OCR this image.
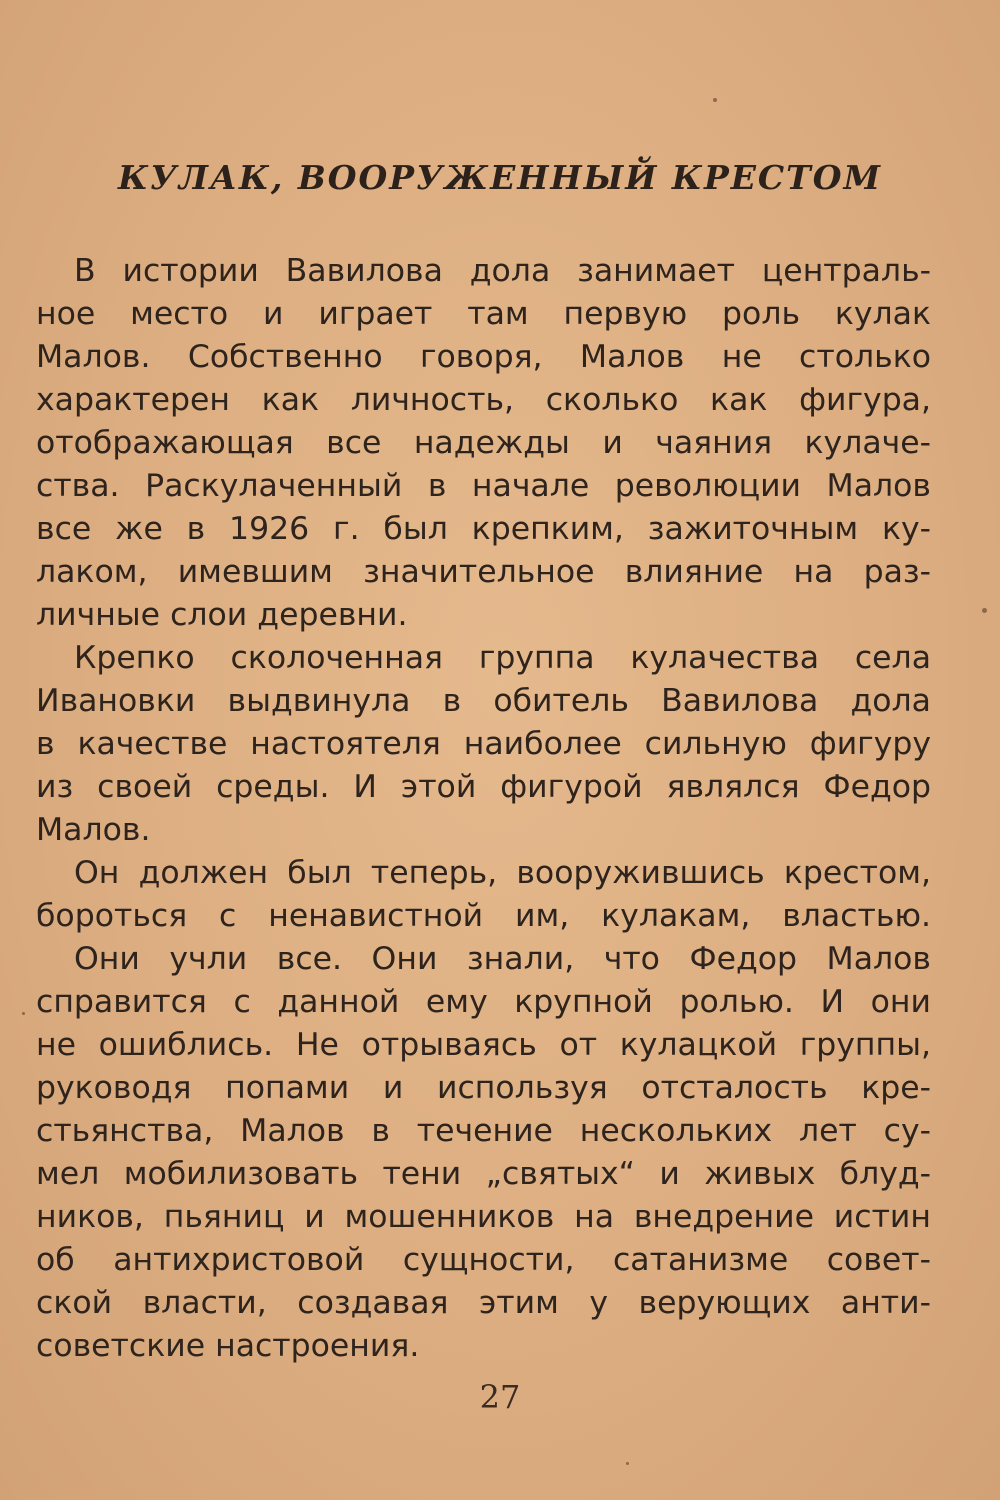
КУЛАК, ВООРУЖЕННЫЙ КРЕСТОМ
В истории Вавилова дола занимает централь-
ное место и играет там первую роль кулак
Малов. Собственно говоря, Малов не столько
характерен как личность, сколько как фигура,
отображающая все надежды и чаяния кулаче-
ства. Раскулаченный в начале революции Малов
все же в 1926 г. был крепким, зажиточным ку-
лаком, имевшим значительное влияние на раз-
личные слои деревни.
Крепко сколоченная группа кулачества села
Ивановки выдвинула в обитель Вавилова дола
в качестве настоятеля наиболее сильную фигуру
из своей среды. И этой фигурой являлся Федор
Малов.
Он должен был теперь, вооружившись крестом,
бороться с ненавистной им, кулакам, властью.
Они учли все. Они знали, что Федор Малов
справится с данной ему крупной ролью. И они
не ошиблись. Не отрываясь от кулацкой группы,
руководя попами и используя отсталость кре-
стьянства, Малов в течение нескольких лет су-
мел мобилизовать тени „святых“ и живых блуд-
ников, пьяниц и мошенников на внедрение истин
об антихристовой сущности, сатанизме совет-
ской власти, создавая этим у верующих анти-
советские настроения.
27
